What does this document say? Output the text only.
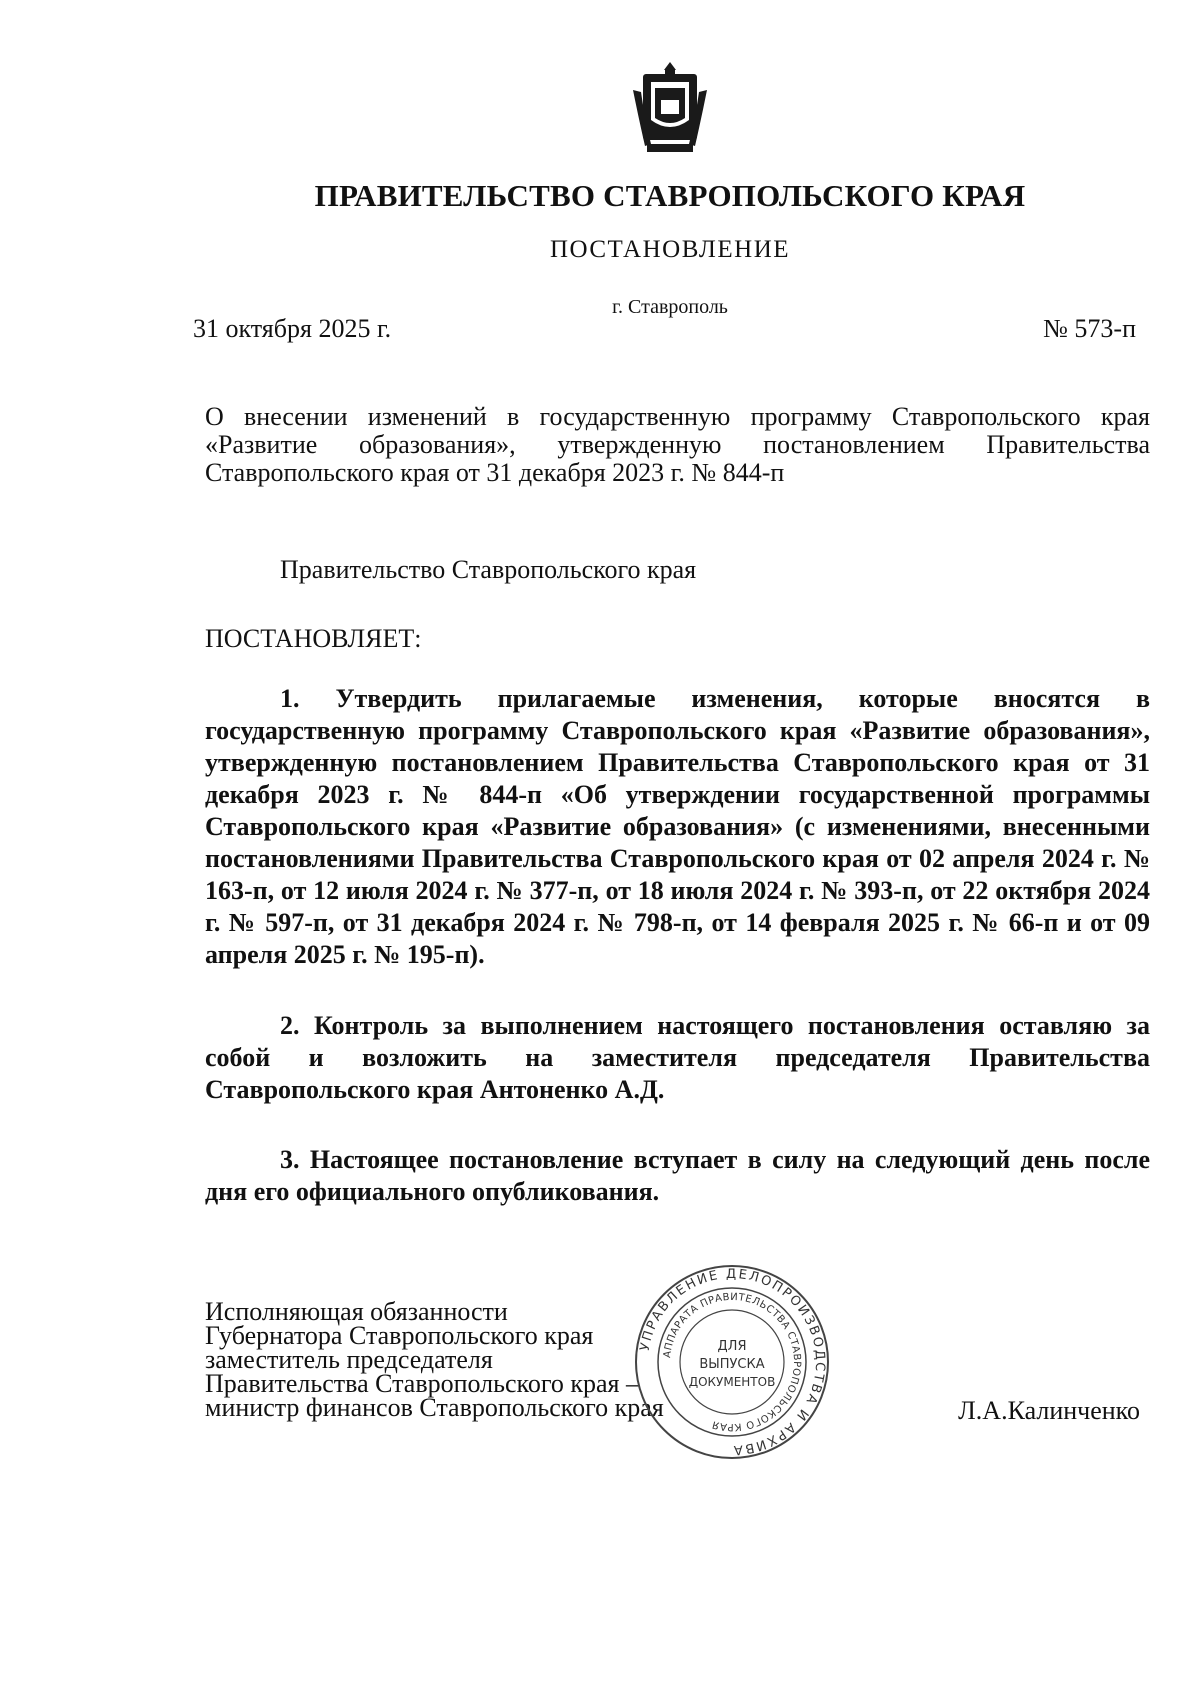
ПРАВИТЕЛЬСТВО СТАВРОПОЛЬСКОГО КРАЯ
ПОСТАНОВЛЕНИЕ
г. Ставрополь
31 октября 2025 г.	№ 573-п
О внесении изменений в государственную программу Ставропольского края «Развитие образования», утвержденную постановлением Правительства Ставропольского края от 31 декабря 2023 г. № 844-п
Правительство Ставропольского края
ПОСТАНОВЛЯЕТ:
1. Утвердить прилагаемые изменения, которые вносятся в государственную программу Ставропольского края «Развитие образования», утвержденную постановлением Правительства Ставропольского края от 31 декабря 2023 г. № 844-п «Об утверждении государственной программы Ставропольского края «Развитие образования» (с изменениями, внесенными постановлениями Правительства Ставропольского края от 02 апреля 2024 г. № 163-п, от 12 июля 2024 г. № 377-п, от 18 июля 2024 г. № 393-п, от 22 октября 2024 г. № 597-п, от 31 декабря 2024 г. № 798-п, от 14 февраля 2025 г. № 66-п и от 09 апреля 2025 г. № 195-п).
2. Контроль за выполнением настоящего постановления оставляю за собой и возложить на заместителя председателя Правительства Ставропольского края Антоненко А.Д.
3. Настоящее постановление вступает в силу на следующий день после дня его официального опубликования.
Исполняющая обязанности
Губернатора Ставропольского края
заместитель председателя
Правительства Ставропольского края –
министр финансов Ставропольского края	Л.А.Калинченко
УПРАВЛЕНИЕ ДЕЛОПРОИЗВОДСТВА И АРХИВА
АППАРАТА ПРАВИТЕЛЬСТВА СТАВРОПОЛЬСКОГО КРАЯ
ДЛЯ
ВЫПУСКА
ДОКУМЕНТОВ
